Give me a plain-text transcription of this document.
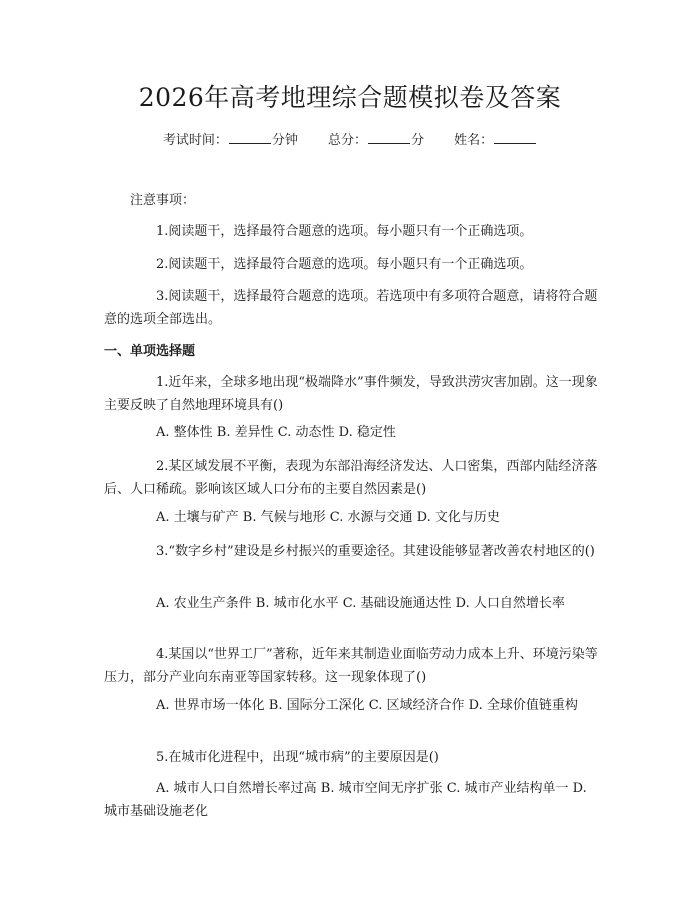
2026年高考地理综合题模拟卷及答案
考试时间：	分钟 总分：	分 姓名：

注意事项：

1.阅读题干，选择最符合题意的选项。每小题只有一个正确选项。

2.阅读题干，选择最符合题意的选项。每小题只有一个正确选项。

3.阅读题干，选择最符合题意的选项。若选项中有多项符合题意，请将符合题意的选项全部选出。

一、单项选择题

1.近年来，全球多地出现“极端降水”事件频发，导致洪涝灾害加剧。这一现象主要反映了自然地理环境具有()

A. 整体性 B. 差异性 C. 动态性 D. 稳定性

2.某区域发展不平衡，表现为东部沿海经济发达、人口密集，西部内陆经济落后、人口稀疏。影响该区域人口分布的主要自然因素是()

A. 土壤与矿产 B. 气候与地形 C. 水源与交通 D. 文化与历史

3.“数字乡村”建设是乡村振兴的重要途径。其建设能够显著改善农村地区的()

A. 农业生产条件 B. 城市化水平 C. 基础设施通达性 D. 人口自然增长率

4.某国以“世界工厂”著称，近年来其制造业面临劳动力成本上升、环境污染等压力，部分产业向东南亚等国家转移。这一现象体现了()

A. 世界市场一体化 B. 国际分工深化 C. 区域经济合作 D. 全球价值链重构

5.在城市化进程中，出现“城市病”的主要原因是()

A. 城市人口自然增长率过高 B. 城市空间无序扩张 C. 城市产业结构单一 D. 城市基础设施老化
